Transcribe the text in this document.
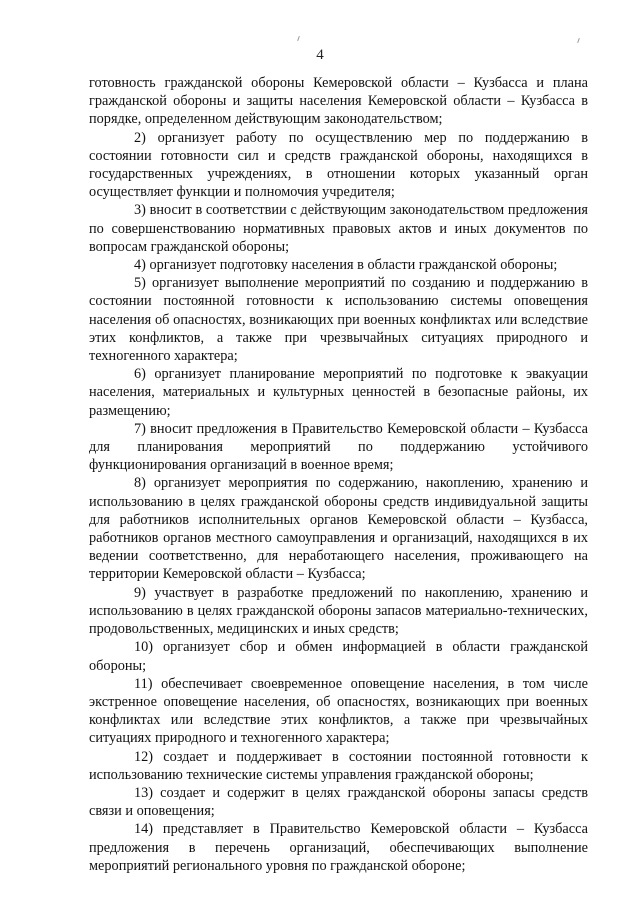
4

готовность гражданской обороны Кемеровской области – Кузбасса и плана гражданской обороны и защиты населения Кемеровской области – Кузбасса в порядке, определенном действующим законодательством;

2) организует работу по осуществлению мер по поддержанию в состоянии готовности сил и средств гражданской обороны, находящихся в государственных учреждениях, в отношении которых указанный орган осуществляет функции и полномочия учредителя;

3) вносит в соответствии с действующим законодательством предложения по совершенствованию нормативных правовых актов и иных документов по вопросам гражданской обороны;

4) организует подготовку населения в области гражданской обороны;

5) организует выполнение мероприятий по созданию и поддержанию в состоянии постоянной готовности к использованию системы оповещения населения об опасностях, возникающих при военных конфликтах или вследствие этих конфликтов, а также при чрезвычайных ситуациях природного и техногенного характера;

6) организует планирование мероприятий по подготовке к эвакуации населения, материальных и культурных ценностей в безопасные районы, их размещению;

7) вносит предложения в Правительство Кемеровской области – Кузбасса для планирования мероприятий по поддержанию устойчивого функционирования организаций в военное время;

8) организует мероприятия по содержанию, накоплению, хранению и использованию в целях гражданской обороны средств индивидуальной защиты для работников исполнительных органов Кемеровской области – Кузбасса, работников органов местного самоуправления и организаций, находящихся в их ведении соответственно, для неработающего населения, проживающего на территории Кемеровской области – Кузбасса;

9) участвует в разработке предложений по накоплению, хранению и использованию в целях гражданской обороны запасов материально-технических, продовольственных, медицинских и иных средств;

10) организует сбор и обмен информацией в области гражданской обороны;

11) обеспечивает своевременное оповещение населения, в том числе экстренное оповещение населения, об опасностях, возникающих при военных конфликтах или вследствие этих конфликтов, а также при чрезвычайных ситуациях природного и техногенного характера;

12) создает и поддерживает в состоянии постоянной готовности к использованию технические системы управления гражданской обороны;

13) создает и содержит в целях гражданской обороны запасы средств связи и оповещения;

14) представляет в Правительство Кемеровской области – Кузбасса предложения в перечень организаций, обеспечивающих выполнение мероприятий регионального уровня по гражданской обороне;
